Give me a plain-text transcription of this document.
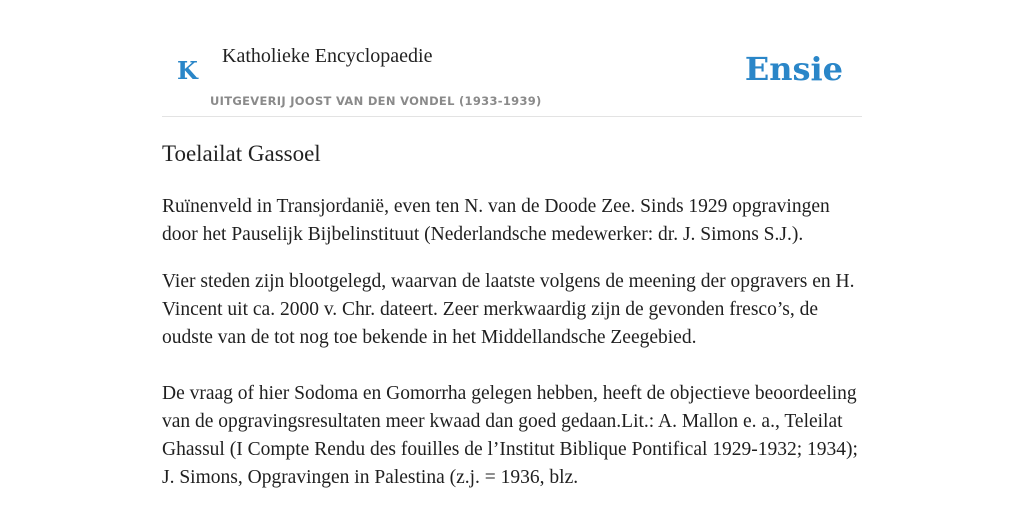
K Katholieke Encyclopaedie
UITGEVERIJ JOOST VAN DEN VONDEL (1933-1939)
Ensie
Toelailat Gassoel

Ruïnenveld in Transjordanië, even ten N. van de Doode Zee. Sinds 1929 opgravingen door het Pauselijk Bijbelinstituut (Nederlandsche medewerker: dr. J. Simons S.J.).

Vier steden zijn blootgelegd, waarvan de laatste volgens de meening der opgravers en H. Vincent uit ca. 2000 v. Chr. dateert. Zeer merkwaardig zijn de gevonden fresco’s, de oudste van de tot nog toe bekende in het Middellandsche Zeegebied.

De vraag of hier Sodoma en Gomorrha gelegen hebben, heeft de objectieve beoordeeling van de opgravingsresultaten meer kwaad dan goed gedaan.Lit.: A. Mallon e. a., Teleilat Ghassul (I Compte Rendu des fouilles de l’Institut Biblique Pontifical 1929-1932; 1934); J. Simons, Opgravingen in Palestina (z.j. = 1936, blz.
